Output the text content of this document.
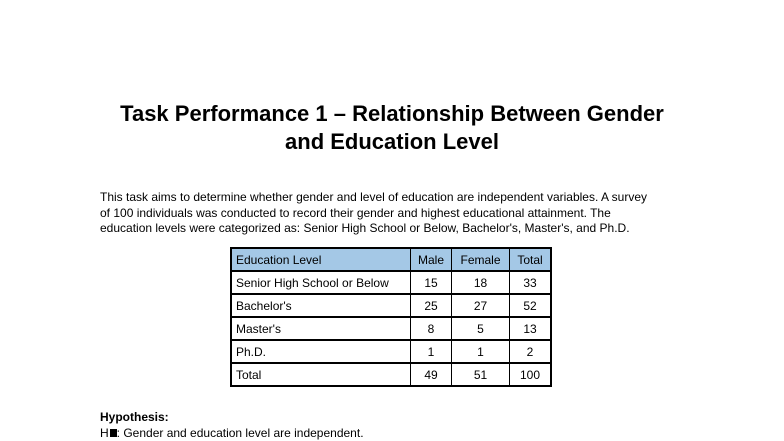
Task Performance 1 – Relationship Between Gender
and Education Level
This task aims to determine whether gender and level of education are independent variables. A survey
of 100 individuals was conducted to record their gender and highest educational attainment. The
education levels were categorized as: Senior High School or Below, Bachelor's, Master's, and Ph.D.
Education Level	Male	Female	Total
Senior High School or Below	15	18	33
Bachelor's	25	27	52
Master's	8	5	13
Ph.D.	1	1	2
Total	49	51	100
Hypothesis:
H : Gender and education level are independent.
